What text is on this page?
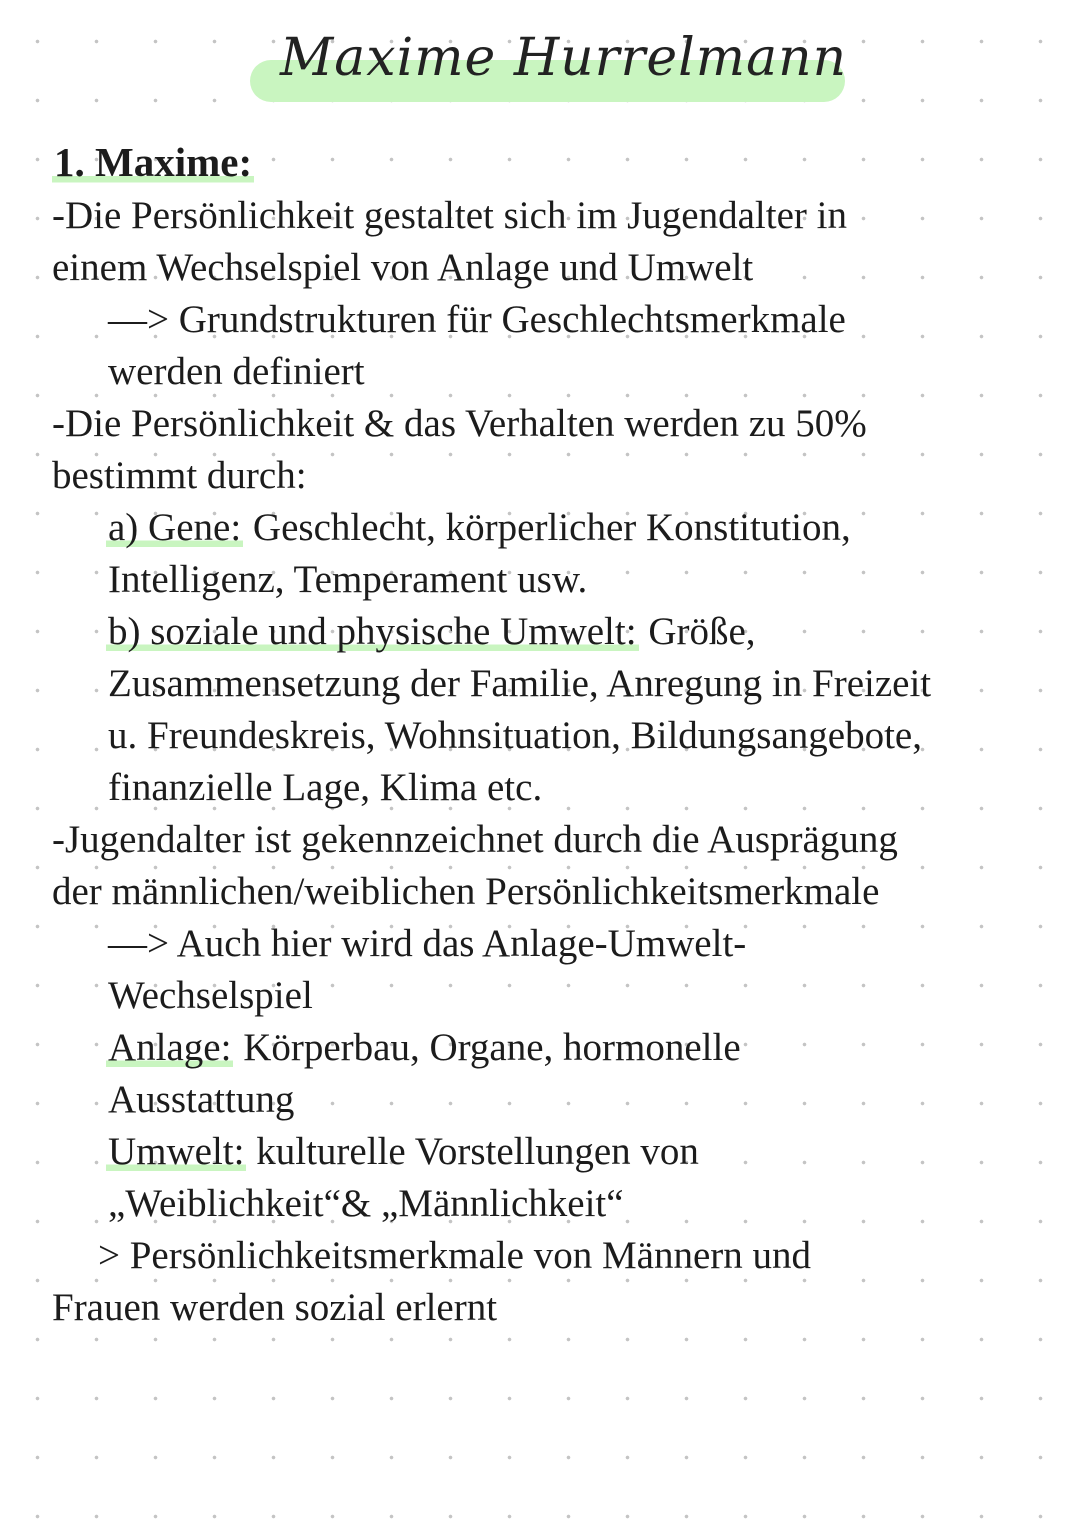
Maxime Hurrelmann
1. Maxime:
-Die Persönlichkeit gestaltet sich im Jugendalter in
einem Wechselspiel von Anlage und Umwelt
—> Grundstrukturen für Geschlechtsmerkmale
werden definiert
-Die Persönlichkeit & das Verhalten werden zu 50%
bestimmt durch:
a) Gene: Geschlecht, körperlicher Konstitution,
Intelligenz, Temperament usw.
b) soziale und physische Umwelt: Größe,
Zusammensetzung der Familie, Anregung in Freizeit
u. Freundeskreis, Wohnsituation, Bildungsangebote,
finanzielle Lage, Klima etc.
-Jugendalter ist gekennzeichnet durch die Ausprägung
der männlichen/weiblichen Persönlichkeitsmerkmale
—> Auch hier wird das Anlage-Umwelt-
Wechselspiel
Anlage: Körperbau, Organe, hormonelle
Ausstattung
Umwelt: kulturelle Vorstellungen von
„Weiblichkeit“& „Männlichkeit“
> Persönlichkeitsmerkmale von Männern und
Frauen werden sozial erlernt
